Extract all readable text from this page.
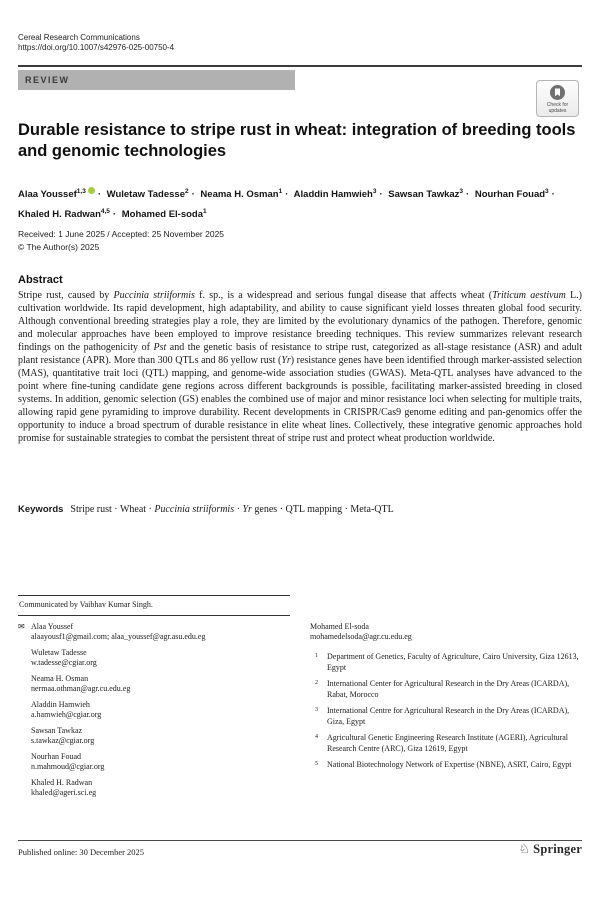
Cereal Research Communications
https://doi.org/10.1007/s42976-025-00750-4
REVIEW
Check for updates
Durable resistance to stripe rust in wheat: integration of breeding tools and genomic technologies
Alaa Youssef$^{1,3}$ · Wuletaw Tadesse$^2$ · Neama H. Osman$^1$ · Aladdin Hamwieh$^3$ · Sawsan Tawkaz$^3$ · Nourhan Fouad$^3$ · Khaled H. Radwan$^{4,5}$ · Mohamed El-soda$^1$
Received: 1 June 2025 / Accepted: 25 November 2025
© The Author(s) 2025
Abstract
Stripe rust, caused by Puccinia striiformis f. sp., is a widespread and serious fungal disease that affects wheat (Triticum aestivum L.) cultivation worldwide. Its rapid development, high adaptability, and ability to cause significant yield losses threaten global food security. Although conventional breeding strategies play a role, they are limited by the evolutionary dynamics of the pathogen. Therefore, genomic and molecular approaches have been employed to improve resistance breeding techniques. This review summarizes relevant research findings on the pathogenicity of Pst and the genetic basis of resistance to stripe rust, categorized as all-stage resistance (ASR) and adult plant resistance (APR). More than 300 QTLs and 86 yellow rust (Yr) resistance genes have been identified through marker-assisted selection (MAS), quantitative trait loci (QTL) mapping, and genome-wide association studies (GWAS). Meta-QTL analyses have advanced to the point where fine-tuning candidate gene regions across different backgrounds is possible, facilitating marker-assisted breeding in closed systems. In addition, genomic selection (GS) enables the combined use of major and minor resistance loci when selecting for multiple traits, allowing rapid gene pyramiding to improve durability. Recent developments in CRISPR/Cas9 genome editing and pan-genomics offer the opportunity to induce a broad spectrum of durable resistance in elite wheat lines. Collectively, these integrative genomic approaches hold promise for sustainable strategies to combat the persistent threat of stripe rust and protect wheat production worldwide.
Keywords Stripe rust · Wheat · Puccinia striiformis · Yr genes · QTL mapping · Meta-QTL
Communicated by Vaibhav Kumar Singh.
✉ Alaa Youssef
alaayousf1@gmail.com; alaa_youssef@agr.asu.edu.eg
Wuletaw Tadesse
w.tadesse@cgiar.org
Neama H. Osman
nermaa.othman@agr.cu.edu.eg
Aladdin Hamwieh
a.hamwieh@cgiar.org
Sawsan Tawkaz
s.tawkaz@cgiar.org
Nourhan Fouad
n.mahmoud@cgiar.org
Khaled H. Radwan
khaled@ageri.sci.eg
Mohamed El-soda
mohamedelsoda@agr.cu.edu.eg
1 Department of Genetics, Faculty of Agriculture, Cairo University, Giza 12613, Egypt
2 International Center for Agricultural Research in the Dry Areas (ICARDA), Rabat, Morocco
3 International Centre for Agricultural Research in the Dry Areas (ICARDA), Giza, Egypt
4 Agricultural Genetic Engineering Research Institute (AGERI), Agricultural Research Centre (ARC), Giza 12619, Egypt
5 National Biotechnology Network of Expertise (NBNE), ASRT, Cairo, Egypt
Published online: 30 December 2025	♘ Springer
